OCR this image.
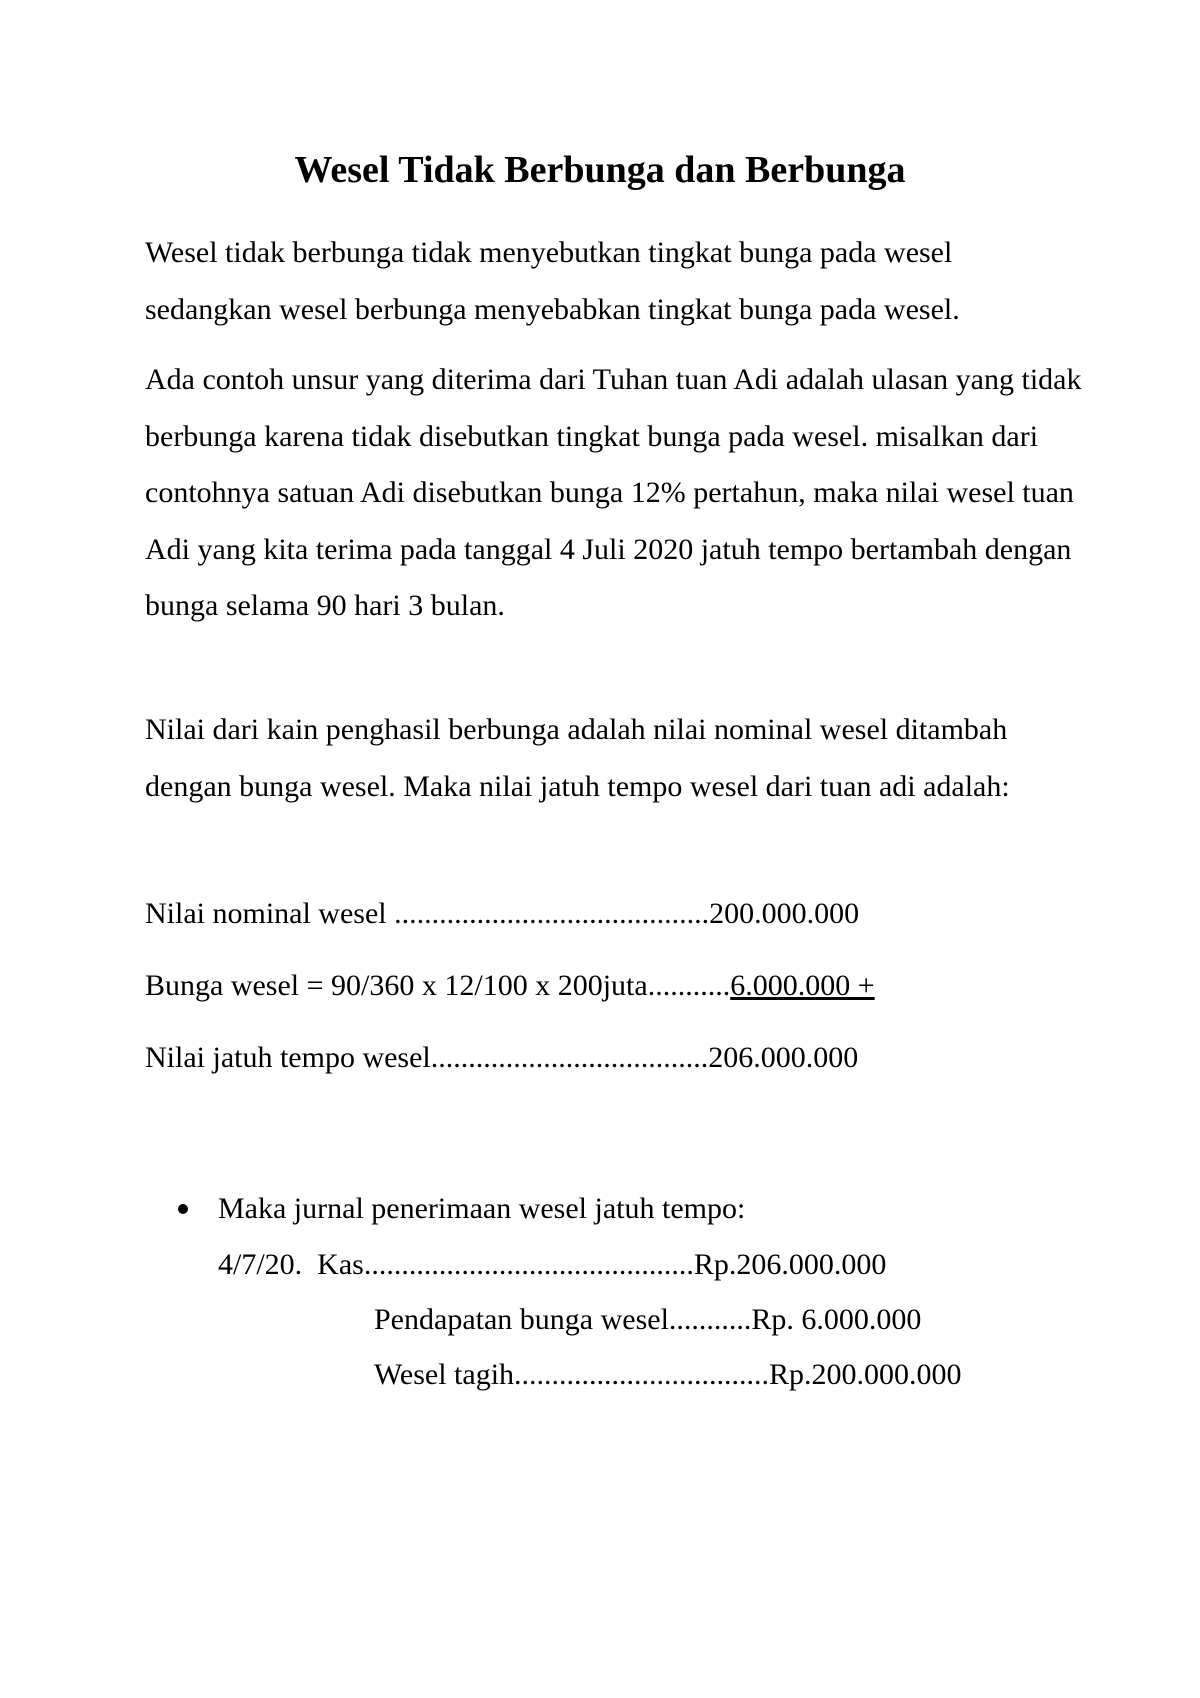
Wesel Tidak Berbunga dan Berbunga

Wesel tidak berbunga tidak menyebutkan tingkat bunga pada wesel sedangkan wesel berbunga menyebabkan tingkat bunga pada wesel.

Ada contoh unsur yang diterima dari Tuhan tuan Adi adalah ulasan yang tidak berbunga karena tidak disebutkan tingkat bunga pada wesel. misalkan dari contohnya satuan Adi disebutkan bunga 12% pertahun, maka nilai wesel tuan Adi yang kita terima pada tanggal 4 Juli 2020 jatuh tempo bertambah dengan bunga selama 90 hari 3 bulan.

Nilai dari kain penghasil berbunga adalah nilai nominal wesel ditambah dengan bunga wesel. Maka nilai jatuh tempo wesel dari tuan adi adalah:

Nilai nominal wesel ..........................................200.000.000
Bunga wesel = 90/360 x 12/100 x 200juta...........6.000.000 +
Nilai jatuh tempo wesel.....................................206.000.000
Maka jurnal penerimaan wesel jatuh tempo:
4/7/20. Kas............................................Rp.206.000.000
Pendapatan bunga wesel...........Rp. 6.000.000
Wesel tagih..................................Rp.200.000.000
